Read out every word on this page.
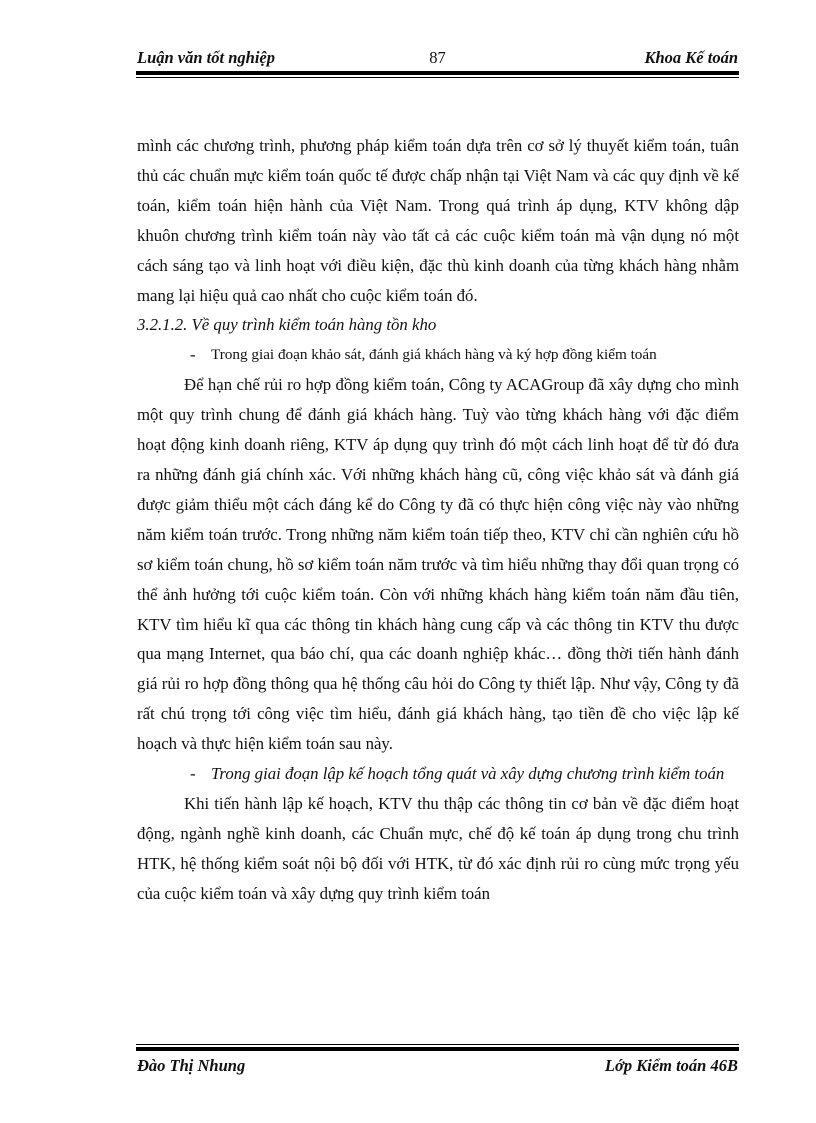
Luận văn tốt nghiệp	87	Khoa Kế toán

mình các chương trình, phương pháp kiểm toán dựa trên cơ sở lý thuyết kiểm toán, tuân thủ các chuẩn mực kiểm toán quốc tế được chấp nhận tại Việt Nam và các quy định về kế toán, kiểm toán hiện hành của Việt Nam. Trong quá trình áp dụng, KTV không dập khuôn chương trình kiểm toán này vào tất cả các cuộc kiểm toán mà vận dụng nó một cách sáng tạo và linh hoạt với điều kiện, đặc thù kinh doanh của từng khách hàng nhằm mang lại hiệu quả cao nhất cho cuộc kiểm toán đó.

3.2.1.2. Về quy trình kiểm toán hàng tồn kho

-	Trong giai đoạn khảo sát, đánh giá khách hàng và ký hợp đồng kiểm toán

Để hạn chế rủi ro hợp đồng kiểm toán, Công ty ACAGroup đã xây dựng cho mình một quy trình chung để đánh giá khách hàng. Tuỳ vào từng khách hàng với đặc điểm hoạt động kinh doanh riêng, KTV áp dụng quy trình đó một cách linh hoạt để từ đó đưa ra những đánh giá chính xác. Với những khách hàng cũ, công việc khảo sát và đánh giá được giảm thiểu một cách đáng kể do Công ty đã có thực hiện công việc này vào những năm kiểm toán trước. Trong những năm kiểm toán tiếp theo, KTV chỉ cần nghiên cứu hồ sơ kiểm toán chung, hồ sơ kiểm toán năm trước và tìm hiểu những thay đổi quan trọng có thể ảnh hưởng tới cuộc kiểm toán. Còn với những khách hàng kiểm toán năm đầu tiên, KTV tìm hiểu kĩ qua các thông tin khách hàng cung cấp và các thông tin KTV thu được qua mạng Internet, qua báo chí, qua các doanh nghiệp khác… đồng thời tiến hành đánh giá rủi ro hợp đồng thông qua hệ thống câu hỏi do Công ty thiết lập. Như vậy, Công ty đã rất chú trọng tới công việc tìm hiểu, đánh giá khách hàng, tạo tiền đề cho việc lập kế hoạch và thực hiện kiểm toán sau này.

- Trong giai đoạn lập kế hoạch tổng quát và xây dựng chương trình kiểm toán

Khi tiến hành lập kế hoạch, KTV thu thập các thông tin cơ bản về đặc điểm hoạt động, ngành nghề kinh doanh, các Chuẩn mực, chế độ kế toán áp dụng trong chu trình HTK, hệ thống kiểm soát nội bộ đối với HTK, từ đó xác định rủi ro cùng mức trọng yếu của cuộc kiểm toán và xây dựng quy trình kiểm toán

Đào Thị Nhung	Lớp Kiểm toán 46B
